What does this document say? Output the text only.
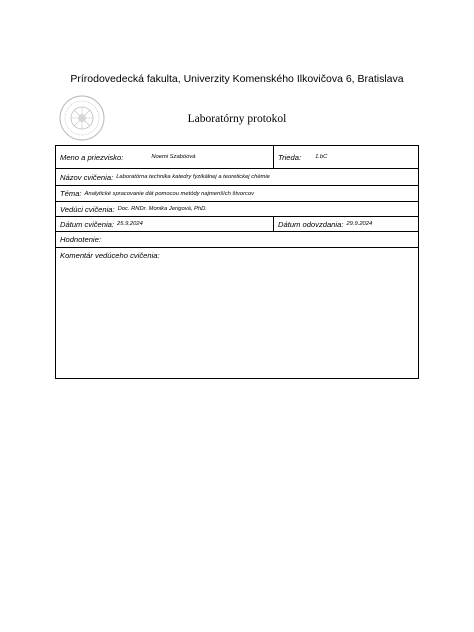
Prírodovedecká fakulta, Univerzity Komenského Ilkovičova 6, Bratislava
Laboratórny protokol
Meno a priezvisko:	Noemi Szabóová	Trieda:	1.bC
Názov cvičenia: Laboratórna technika katedry fyzikálnej a teoretickej chémie
Téma: Analytické spracovanie dát pomocou metódy najmenších štvorcov
Vedúci cvičenia: Doc. RNDr. Monika Jerigová, PhD.
Dátum cvičenia: 25.9.2024	Dátum odovzdania: 29.9.2024
Hodnotenie:
Komentár vedúceho cvičenia:
